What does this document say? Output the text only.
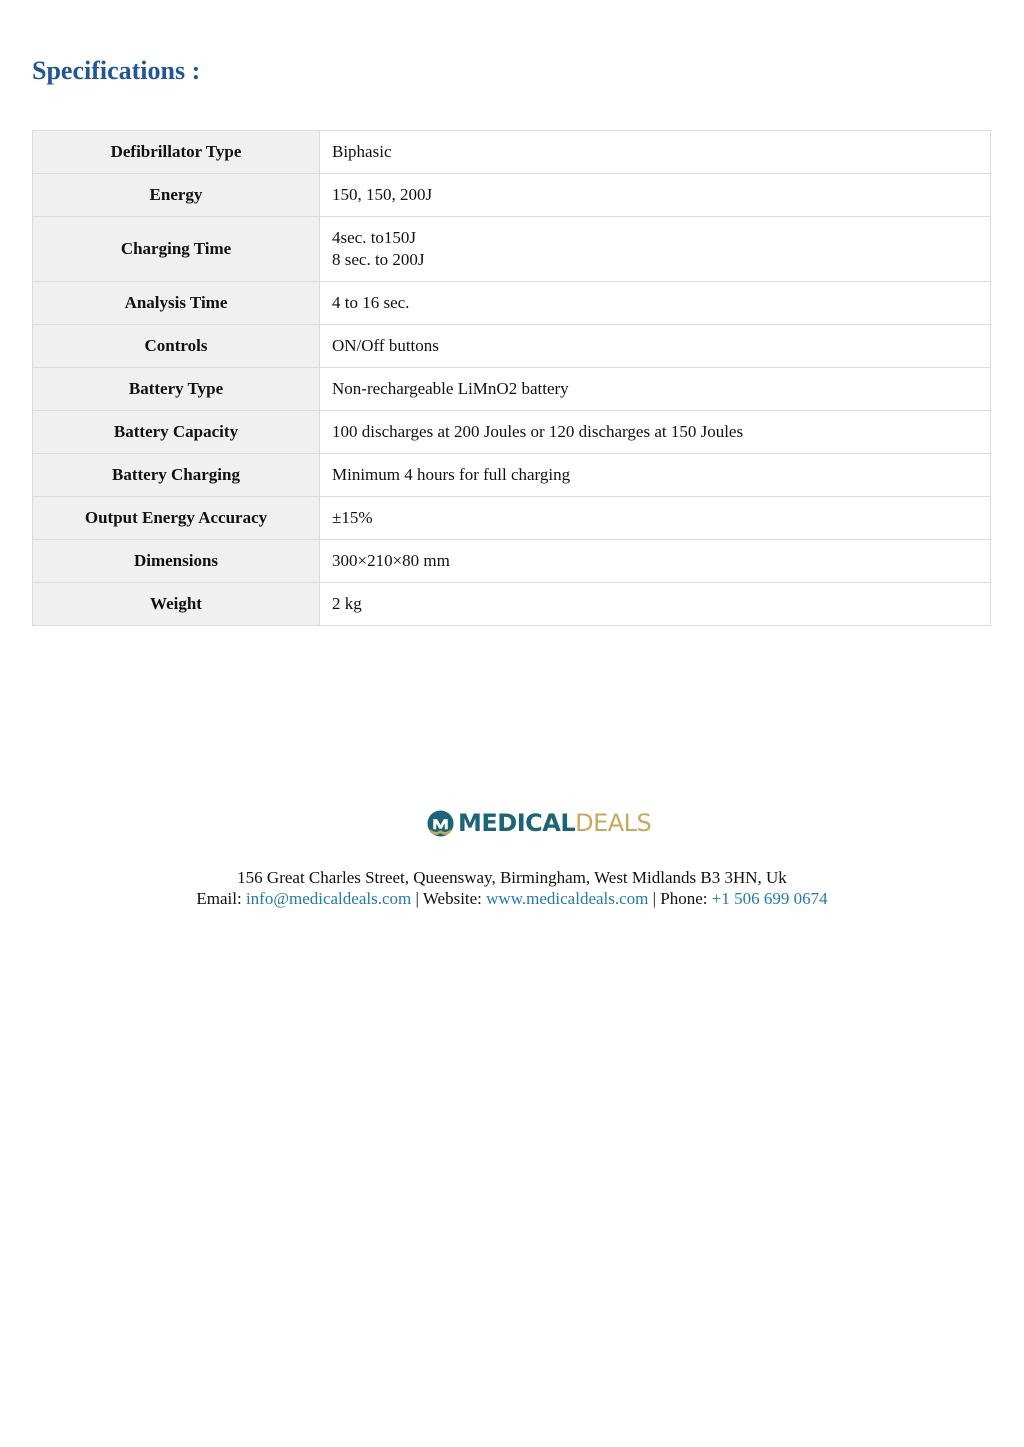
Specifications :
Defibrillator Type	Biphasic
Energy	150, 150, 200J
Charging Time	4sec. to150J
8 sec. to 200J
Analysis Time	4 to 16 sec.
Controls	ON/Off buttons
Battery Type	Non-rechargeable LiMnO2 battery
Battery Capacity	100 discharges at 200 Joules or 120 discharges at 150 Joules
Battery Charging	Minimum 4 hours for full charging
Output Energy Accuracy	±15%
Dimensions	300×210×80 mm
Weight	2 kg
MEDICALDEALS
156 Great Charles Street, Queensway, Birmingham, West Midlands B3 3HN, Uk
Email: info@medicaldeals.com | Website: www.medicaldeals.com | Phone: +1 506 699 0674
